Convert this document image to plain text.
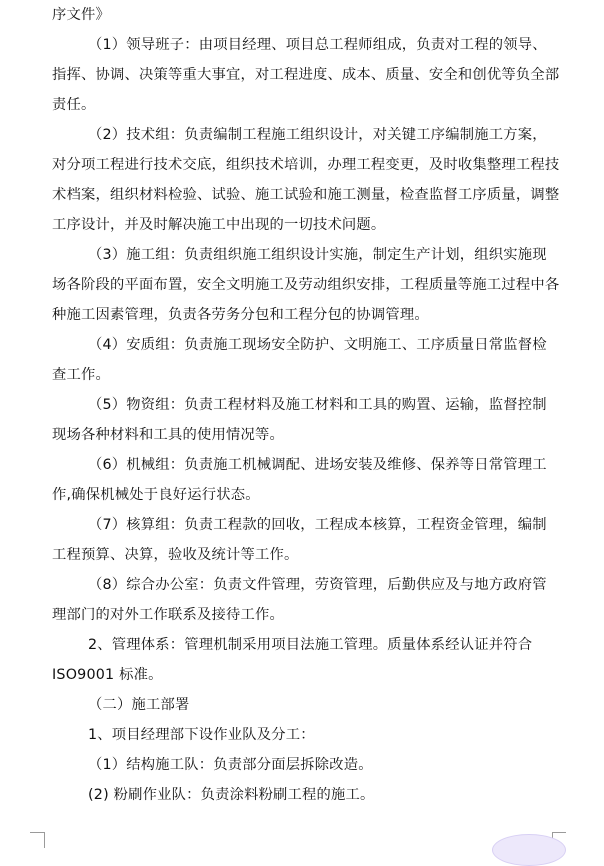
序文件》
（1）领导班子：由项目经理、项目总工程师组成，负责对工程的领导、
指挥、协调、决策等重大事宜，对工程进度、成本、质量、安全和创优等负全部
责任。
（2）技术组：负责编制工程施工组织设计，对关键工序编制施工方案，
对分项工程进行技术交底，组织技术培训，办理工程变更，及时收集整理工程技
术档案，组织材料检验、试验、施工试验和施工测量，检查监督工序质量，调整
工序设计，并及时解决施工中出现的一切技术问题。
（3）施工组：负责组织施工组织设计实施，制定生产计划，组织实施现
场各阶段的平面布置，安全文明施工及劳动组织安排，工程质量等施工过程中各
种施工因素管理，负责各劳务分包和工程分包的协调管理。
（4）安质组：负责施工现场安全防护、文明施工、工序质量日常监督检
查工作。
（5）物资组：负责工程材料及施工材料和工具的购置、运输，监督控制
现场各种材料和工具的使用情况等。
（6）机械组：负责施工机械调配、进场安装及维修、保养等日常管理工
作,确保机械处于良好运行状态。
（7）核算组：负责工程款的回收，工程成本核算，工程资金管理，编制
工程预算、决算，验收及统计等工作。
（8）综合办公室：负责文件管理，劳资管理，后勤供应及与地方政府管
理部门的对外工作联系及接待工作。
2、管理体系：管理机制采用项目法施工管理。质量体系经认证并符合
ISO9001 标准。
（二）施工部署
1、项目经理部下设作业队及分工：
（1）结构施工队：负责部分面层拆除改造。
(2) 粉刷作业队：负责涂料粉刷工程的施工。
